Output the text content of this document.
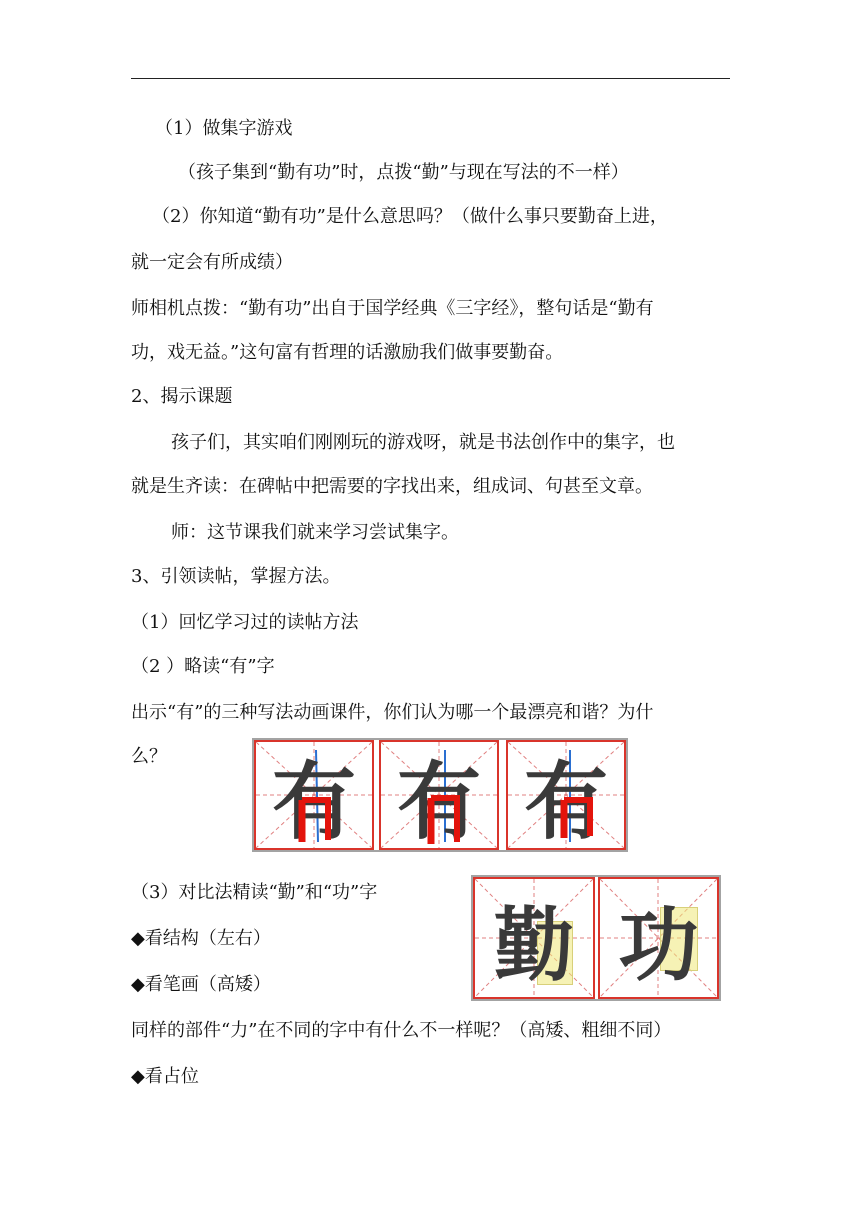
（1）做集字游戏
（孩子集到“勤有功”时，点拨“勤”与现在写法的不一样）
（2）你知道“勤有功”是什么意思吗？（做什么事只要勤奋上进，
就一定会有所成绩）
师相机点拨：“勤有功”出自于国学经典《三字经》，整句话是“勤有
功，戏无益。”这句富有哲理的话激励我们做事要勤奋。
2、揭示课题
孩子们，其实咱们刚刚玩的游戏呀，就是书法创作中的集字，也
就是生齐读：在碑帖中把需要的字找出来，组成词、句甚至文章。
师：这节课我们就来学习尝试集字。
3、引领读帖，掌握方法。
（1）回忆学习过的读帖方法
（2 ）略读“有”字
出示“有”的三种写法动画课件，你们认为哪一个最漂亮和谐？为什
么？ 有 有 有
（3）对比法精读“勤”和“功”字
◆看结构（左右）
◆看笔画（高矮）	勤 功
同样的部件“力”在不同的字中有什么不一样呢？（高矮、粗细不同）
◆看占位
